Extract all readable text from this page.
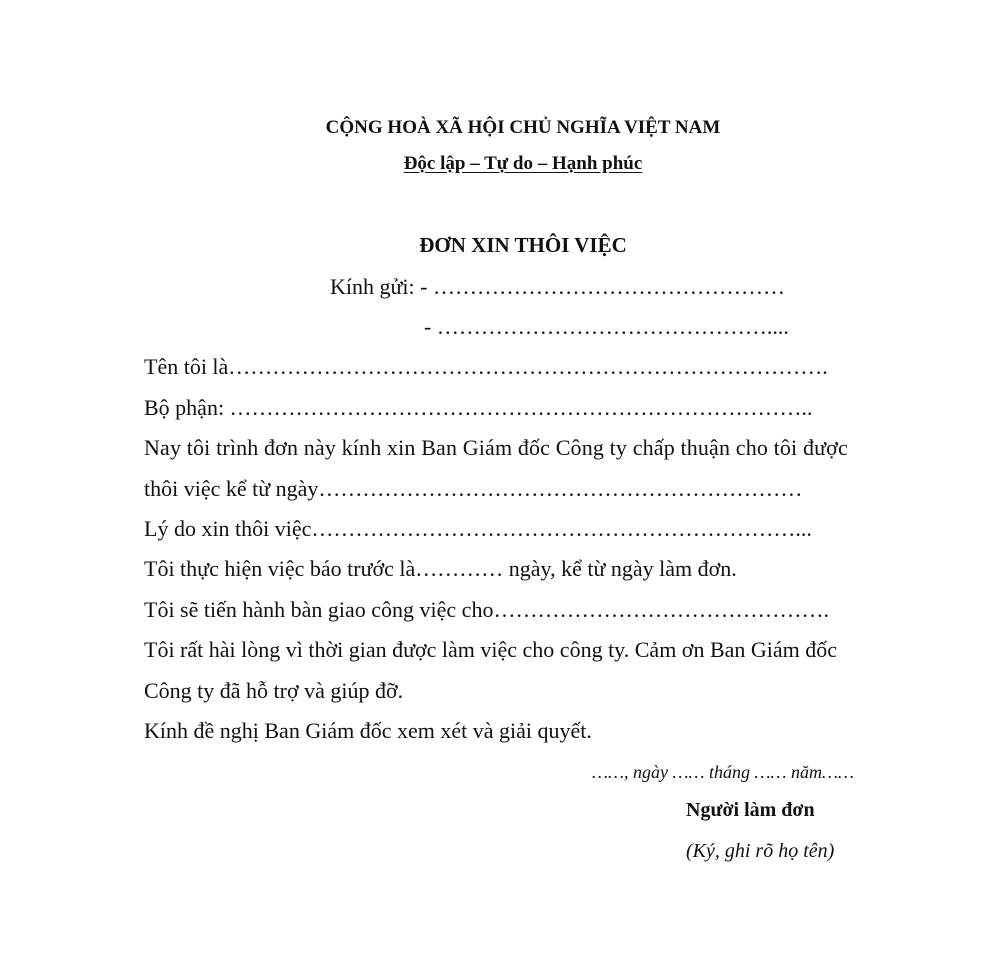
CỘNG HOÀ XÃ HỘI CHỦ NGHĨA VIỆT NAM
Độc lập – Tự do – Hạnh phúc
ĐƠN XIN THÔI VIỆC
Kính gửi: - …………………………………………
- ………………………………………....
Tên tôi là……………………………………………………………………….
Bộ phận: ……………………………………………………………………..
Nay tôi trình đơn này kính xin Ban Giám đốc Công ty chấp thuận cho tôi được
thôi việc kể từ ngày…………………………………………………………
Lý do xin thôi việc…………………………………………………………...
Tôi thực hiện việc báo trước là………… ngày, kể từ ngày làm đơn.
Tôi sẽ tiến hành bàn giao công việc cho……………………………………….
Tôi rất hài lòng vì thời gian được làm việc cho công ty. Cảm ơn Ban Giám đốc
Công ty đã hỗ trợ và giúp đỡ.
Kính đề nghị Ban Giám đốc xem xét và giải quyết.
……, ngày …… tháng …… năm……
Người làm đơn
(Ký, ghi rõ họ tên)
